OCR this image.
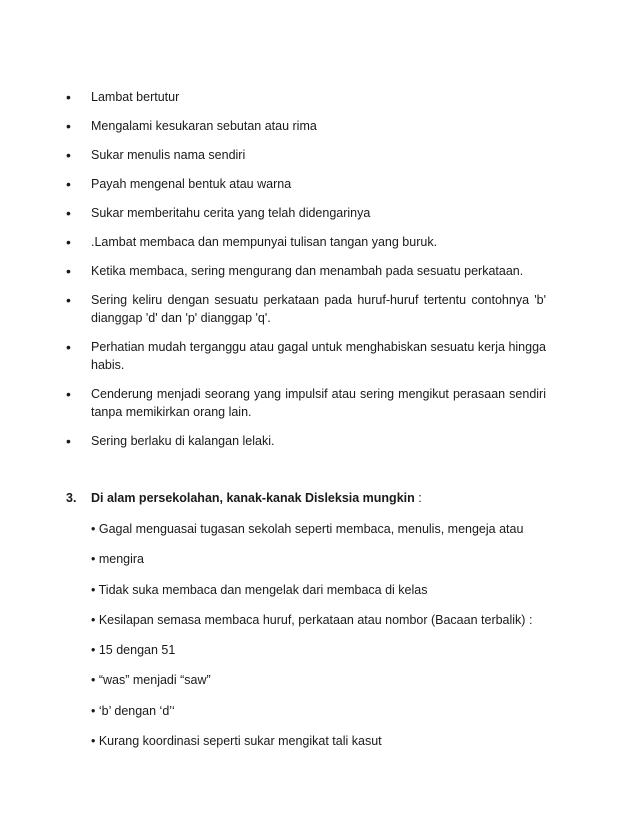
• Lambat bertutur
• Mengalami kesukaran sebutan atau rima
• Sukar menulis nama sendiri
• Payah mengenal bentuk atau warna
• Sukar memberitahu cerita yang telah didengarinya
• .Lambat membaca dan mempunyai tulisan tangan yang buruk.
• Ketika membaca, sering mengurang dan menambah pada sesuatu perkataan.
• Sering keliru dengan sesuatu perkataan pada huruf-huruf tertentu contohnya 'b' dianggap 'd' dan 'p' dianggap 'q'.
• Perhatian mudah terganggu atau gagal untuk menghabiskan sesuatu kerja hingga habis.
• Cenderung menjadi seorang yang impulsif atau sering mengikut perasaan sendiri tanpa memikirkan orang lain.
• Sering berlaku di kalangan lelaki.
3. Di alam persekolahan, kanak-kanak Disleksia mungkin :
• Gagal menguasai tugasan sekolah seperti membaca, menulis, mengeja atau
• mengira
• Tidak suka membaca dan mengelak dari membaca di kelas
• Kesilapan semasa membaca huruf, perkataan atau nombor (Bacaan terbalik) :
• 15 dengan 51
• “was” menjadi “saw”
• ‘b’ dengan ‘d’‘
• Kurang koordinasi seperti sukar mengikat tali kasut
